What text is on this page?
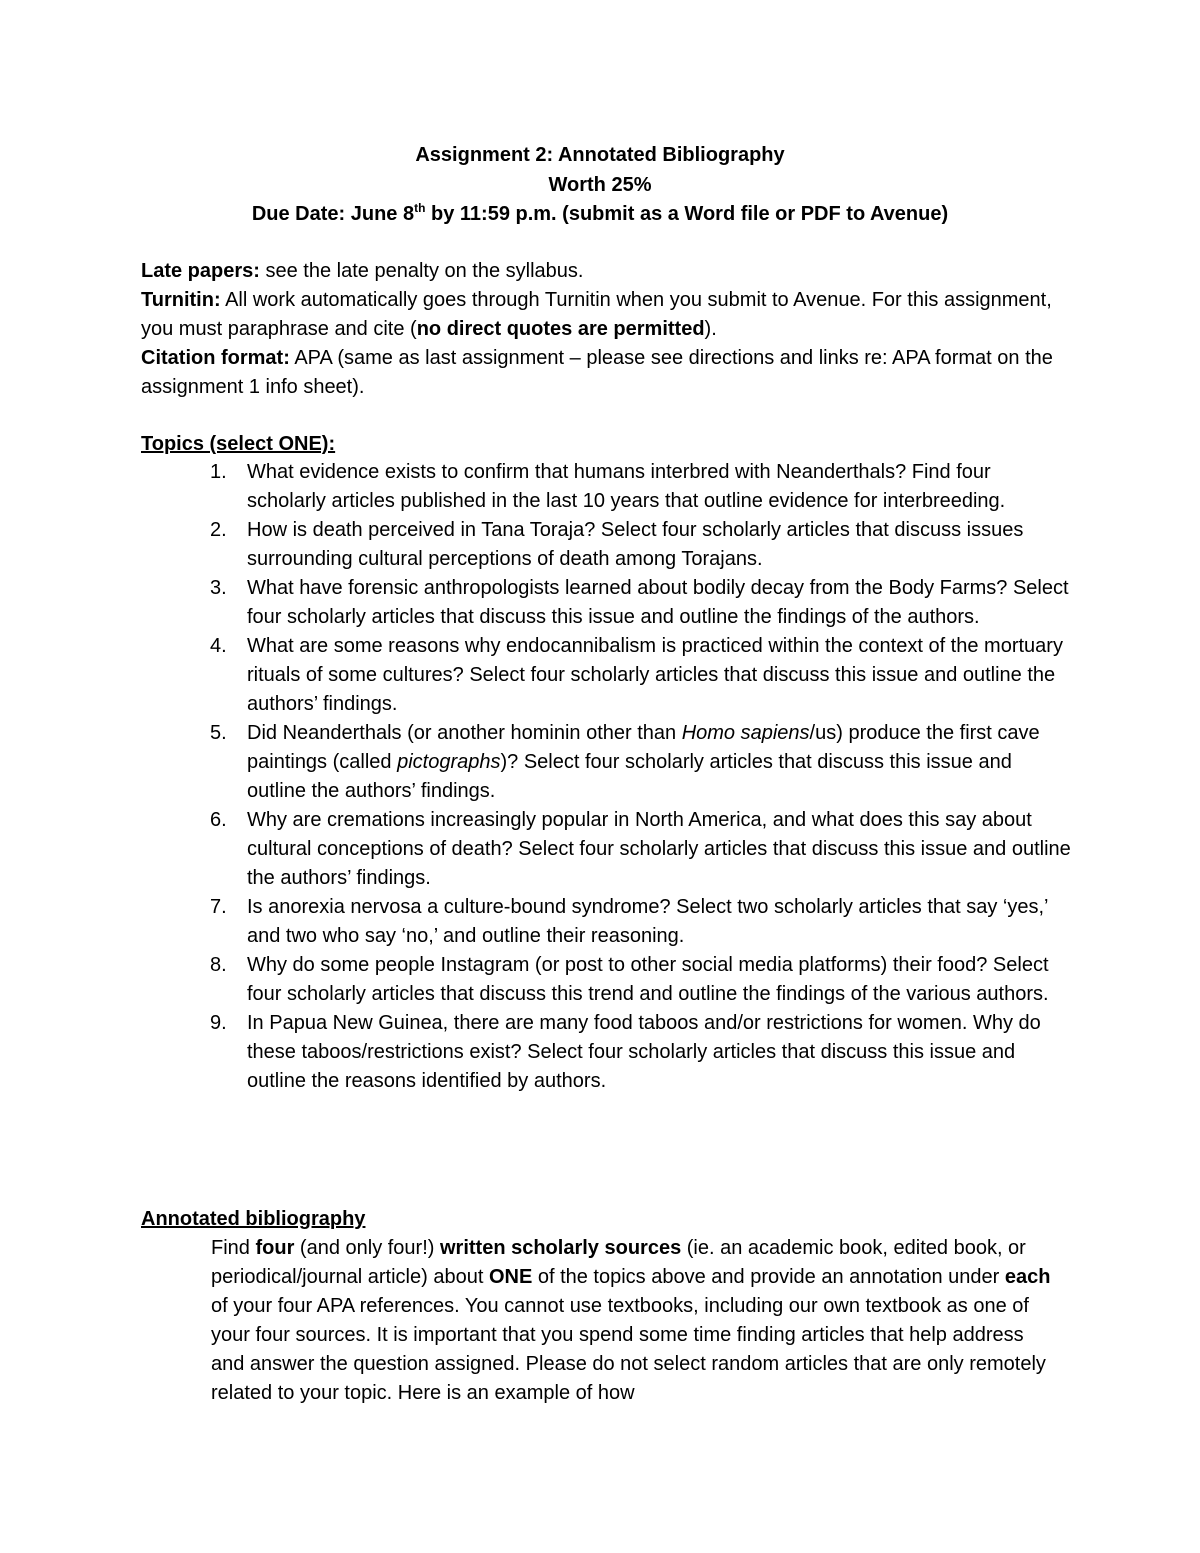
Assignment 2: Annotated Bibliography
Worth 25%
Due Date: June 8th by 11:59 p.m. (submit as a Word file or PDF to Avenue)

Late papers: see the late penalty on the syllabus.

Turnitin: All work automatically goes through Turnitin when you submit to Avenue. For this assignment, you must paraphrase and cite (no direct quotes are permitted).

Citation format: APA (same as last assignment – please see directions and links re: APA format on the assignment 1 info sheet).

Topics (select ONE):
1. What evidence exists to confirm that humans interbred with Neanderthals? Find four scholarly articles published in the last 10 years that outline evidence for interbreeding.
2. How is death perceived in Tana Toraja? Select four scholarly articles that discuss issues surrounding cultural perceptions of death among Torajans.
3. What have forensic anthropologists learned about bodily decay from the Body Farms? Select four scholarly articles that discuss this issue and outline the findings of the authors.
4. What are some reasons why endocannibalism is practiced within the context of the mortuary rituals of some cultures? Select four scholarly articles that discuss this issue and outline the authors’ findings.
5. Did Neanderthals (or another hominin other than Homo sapiens/us) produce the first cave paintings (called pictographs)? Select four scholarly articles that discuss this issue and outline the authors’ findings.
6. Why are cremations increasingly popular in North America, and what does this say about cultural conceptions of death? Select four scholarly articles that discuss this issue and outline the authors’ findings.
7. Is anorexia nervosa a culture-bound syndrome? Select two scholarly articles that say ‘yes,’ and two who say ‘no,’ and outline their reasoning.
8. Why do some people Instagram (or post to other social media platforms) their food? Select four scholarly articles that discuss this trend and outline the findings of the various authors.
9. In Papua New Guinea, there are many food taboos and/or restrictions for women. Why do these taboos/restrictions exist? Select four scholarly articles that discuss this issue and outline the reasons identified by authors.
Annotated bibliography

Find four (and only four!) written scholarly sources (ie. an academic book, edited book, or periodical/journal article) about ONE of the topics above and provide an annotation under each of your four APA references. You cannot use textbooks, including our own textbook as one of your four sources. It is important that you spend some time finding articles that help address and answer the question assigned. Please do not select random articles that are only remotely related to your topic. Here is an example of how
